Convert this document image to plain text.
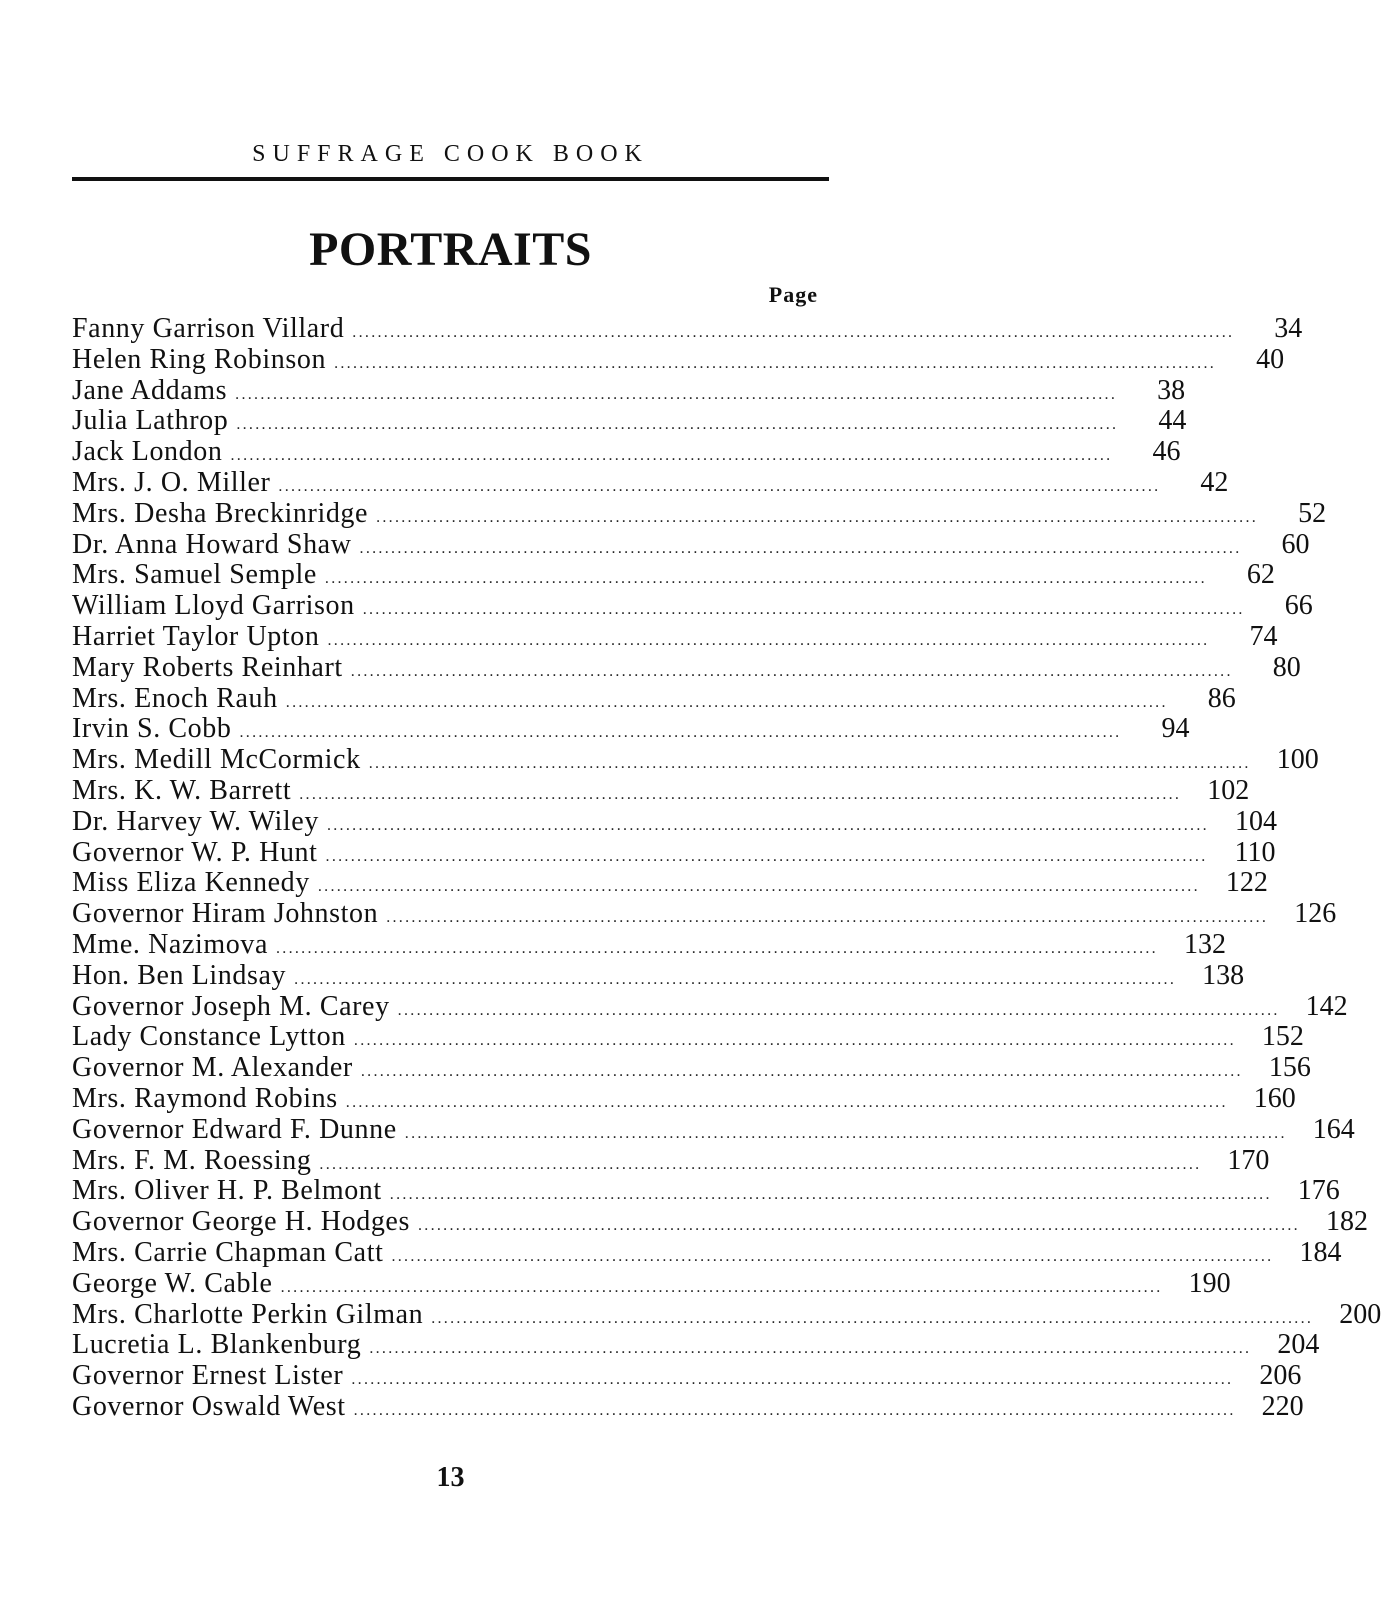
SUFFRAGE COOK BOOK
PORTRAITS
Page
Fanny Garrison Villard ............................................................................................................................................	34
Helen Ring Robinson ............................................................................................................................................	40
Jane Addams ............................................................................................................................................	38
Julia Lathrop ............................................................................................................................................	44
Jack London ............................................................................................................................................	46
Mrs. J. O. Miller ............................................................................................................................................	42
Mrs. Desha Breckinridge ............................................................................................................................................	52
Dr. Anna Howard Shaw ............................................................................................................................................	60
Mrs. Samuel Semple ............................................................................................................................................	62
William Lloyd Garrison ............................................................................................................................................	66
Harriet Taylor Upton ............................................................................................................................................	74
Mary Roberts Reinhart ............................................................................................................................................	80
Mrs. Enoch Rauh ............................................................................................................................................	86
Irvin S. Cobb ............................................................................................................................................	94
Mrs. Medill McCormick ............................................................................................................................................ 100
Mrs. K. W. Barrett ............................................................................................................................................ 102
Dr. Harvey W. Wiley ............................................................................................................................................ 104
Governor W. P. Hunt ............................................................................................................................................ 110
Miss Eliza Kennedy ............................................................................................................................................ 122
Governor Hiram Johnston ............................................................................................................................................ 126
Mme. Nazimova ............................................................................................................................................ 132
Hon. Ben Lindsay ............................................................................................................................................ 138
Governor Joseph M. Carey ............................................................................................................................................ 142
Lady Constance Lytton ............................................................................................................................................ 152
Governor M. Alexander ............................................................................................................................................ 156
Mrs. Raymond Robins ............................................................................................................................................ 160
Governor Edward F. Dunne ............................................................................................................................................ 164
Mrs. F. M. Roessing ............................................................................................................................................ 170
Mrs. Oliver H. P. Belmont ............................................................................................................................................ 176
Governor George H. Hodges ............................................................................................................................................ 182
Mrs. Carrie Chapman Catt ............................................................................................................................................ 184
George W. Cable ............................................................................................................................................ 190
Mrs. Charlotte Perkin Gilman ............................................................................................................................................ 200
Lucretia L. Blankenburg ............................................................................................................................................ 204
Governor Ernest Lister ............................................................................................................................................ 206
Governor Oswald West ............................................................................................................................................ 220
13
